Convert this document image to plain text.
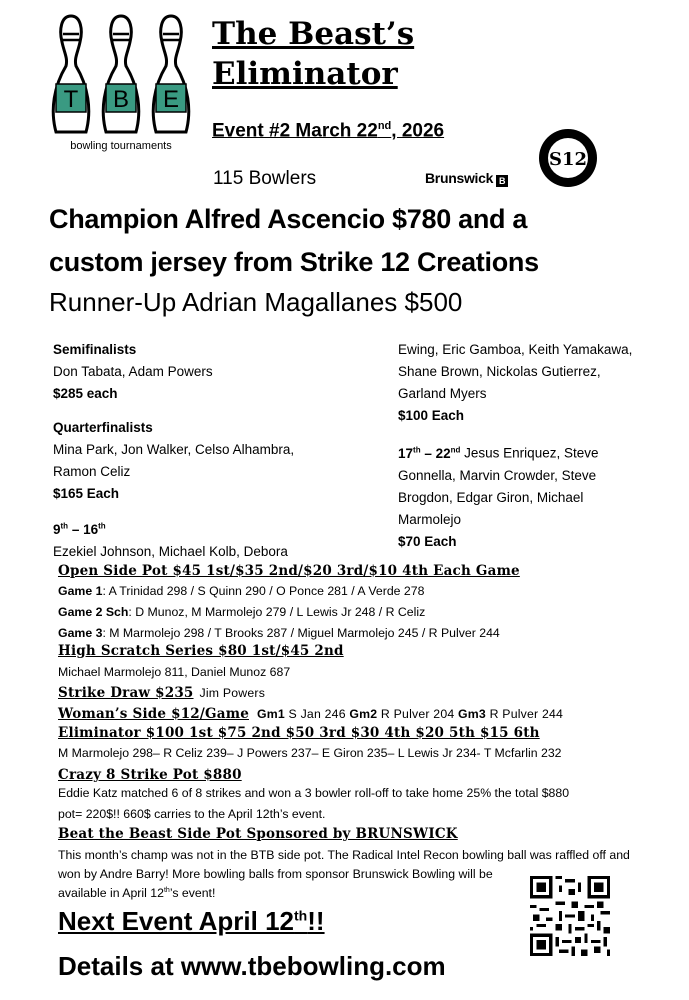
T B E
bowling tournaments
The Beast’s
Eliminator
Event #2 March 22nd, 2026
115 Bowlers	Brunswick B
S12
Champion Alfred Ascencio $780 and a
custom jersey from Strike 12 Creations
Runner-Up Adrian Magallanes $500

Semifinalists

Don Tabata, Adam Powers

$285 each

Quarterfinalists

Mina Park, Jon Walker, Celso Alhambra,

Ramon Celiz

$165 Each

9th – 16th

Ezekiel Johnson, Michael Kolb, Debora

Ewing, Eric Gamboa, Keith Yamakawa,

Shane Brown, Nickolas Gutierrez,

Garland Myers

$100 Each

17th – 22nd Jesus Enriquez, Steve

Gonnella, Marvin Crowder, Steve

Brogdon, Edgar Giron, Michael

Marmolejo

$70 Each

Open Side Pot $45 1st/$35 2nd/$20 3rd/$10 4th Each Game
Game 1: A Trinidad 298 / S Quinn 290 / O Ponce 281 / A Verde 278
Game 2 Sch: D Munoz, M Marmolejo 279 / L Lewis Jr 248 / R Celiz
Game 3: M Marmolejo 298 / T Brooks 287 / Miguel Marmolejo 245 / R Pulver 244
High Scratch Series $80 1st/$45 2nd
Michael Marmolejo 811, Daniel Munoz 687
Strike Draw $235 Jim Powers
Woman’s Side $12/Game Gm1 S Jan 246 Gm2 R Pulver 204 Gm3 R Pulver 244
Eliminator $100 1st $75 2nd $50 3rd $30 4th $20 5th $15 6th
M Marmolejo 298– R Celiz 239– J Powers 237– E Giron 235– L Lewis Jr 234- T Mcfarlin 232
Crazy 8 Strike Pot $880
Eddie Katz matched 6 of 8 strikes and won a 3 bowler roll-off to take home 25% the total $880
pot= 220$!! 660$ carries to the April 12th’s event.
Beat the Beast Side Pot Sponsored by BRUNSWICK
This month’s champ was not in the BTB side pot. The Radical Intel Recon bowling ball was raffled off and
won by Andre Barry! More bowling balls from sponsor Brunswick Bowling will be
available in April 12th’s event!
Next Event April 12th!!
Details at www.tbebowling.com
